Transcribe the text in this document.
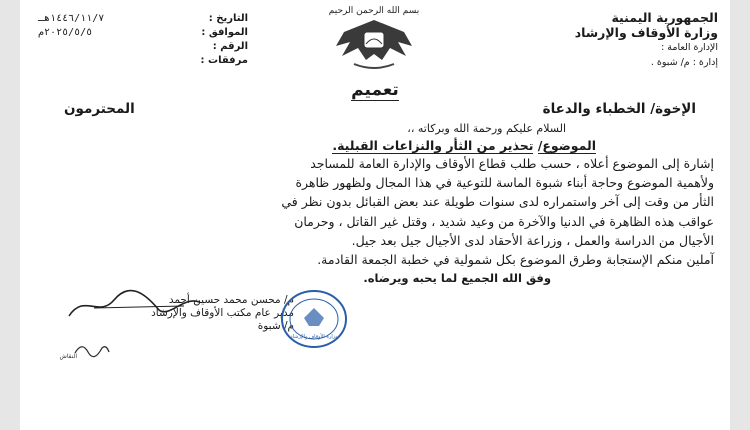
الجمهورية اليمنية
وزارة الأوقاف والإرشاد
الإدارة العامة :
إدارة : م/ شبوة .
بسم الله الرحمن الرحيم
التاريخ :
١٤٤٦/١١/٧هـ
الموافق :
٢٠٢٥/٥/٥م
الرقم :
مرفقات :
تعميم
الإخوة/ الخطباء والدعاة
المحترمون
السلام عليكم ورحمة الله وبركاته ،،
الموضوع/ تحذير من الثأر والنزاعات القبلية.

إشارة إلى الموضوع أعلاه ، حسب طلب قطاع الأوقاف والإدارة العامة للمساجد

ولأهمية الموضوع وحاجة أبناء شبوة الماسة للتوعية في هذا المجال ولظهور ظاهرة

الثأر من وقت إلى آخر واستمراره لدى سنوات طويلة عند بعض القبائل بدون نظر في

عواقب هذه الظاهرة في الدنيا والآخرة من وعيد شديد ، وقتل غير القاتل ، وحرمان

الأجيال من الدراسة والعمل ، وزراعة الأحقاد لدى الأجيال جيل بعد جيل.

آملين منكم الإستجابة وطرق الموضوع بكل شمولية في خطبة الجمعة القادمة.

وفق الله الجميع لما يحبه ويرضاه.
م/ محسن محمد حسين أحمد
مدير عام مكتب الأوقاف والإرشاد
م/ شبوة
وزارة الأوقاف والإرشاد
النقاش
